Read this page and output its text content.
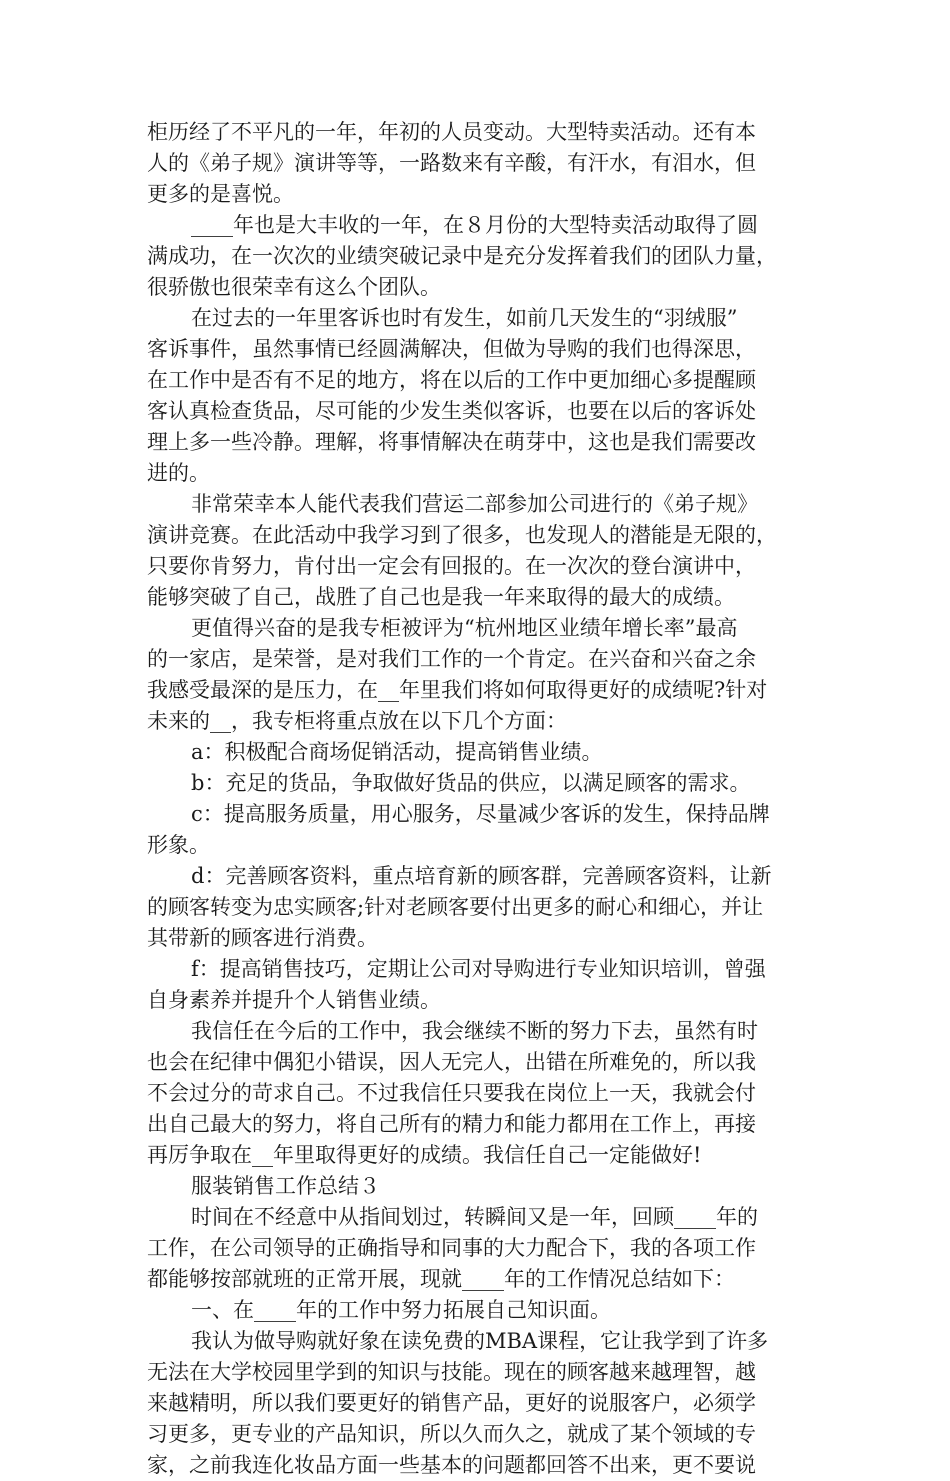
柜历经了不平凡的一年，年初的人员变动。大型特卖活动。还有本
人的《弟子规》演讲等等，一路数来有辛酸，有汗水，有泪水，但
更多的是喜悦。
____年也是大丰收的一年，在８月份的大型特卖活动取得了圆
满成功，在一次次的业绩突破记录中是充分发挥着我们的团队力量，
很骄傲也很荣幸有这么个团队。
在过去的一年里客诉也时有发生，如前几天发生的“羽绒服”
客诉事件，虽然事情已经圆满解决，但做为导购的我们也得深思，
在工作中是否有不足的地方，将在以后的工作中更加细心多提醒顾
客认真检查货品，尽可能的少发生类似客诉，也要在以后的客诉处
理上多一些冷静。理解，将事情解决在萌芽中，这也是我们需要改
进的。
非常荣幸本人能代表我们营运二部参加公司进行的《弟子规》
演讲竞赛。在此活动中我学习到了很多，也发现人的潜能是无限的，
只要你肯努力，肯付出一定会有回报的。在一次次的登台演讲中，
能够突破了自己，战胜了自己也是我一年来取得的最大的成绩。
更值得兴奋的是我专柜被评为“杭州地区业绩年增长率”最高
的一家店，是荣誉，是对我们工作的一个肯定。在兴奋和兴奋之余
我感受最深的是压力，在__年里我们将如何取得更好的成绩呢?针对
未来的__，我专柜将重点放在以下几个方面：
a：积极配合商场促销活动，提高销售业绩。
b：充足的货品，争取做好货品的供应，以满足顾客的需求。
c：提高服务质量，用心服务，尽量减少客诉的发生，保持品牌
形象。
d：完善顾客资料，重点培育新的顾客群，完善顾客资料，让新
的顾客转变为忠实顾客;针对老顾客要付出更多的耐心和细心，并让
其带新的顾客进行消费。
f：提高销售技巧，定期让公司对导购进行专业知识培训，曾强
自身素养并提升个人销售业绩。
我信任在今后的工作中，我会继续不断的努力下去，虽然有时
也会在纪律中偶犯小错误，因人无完人，出错在所难免的，所以我
不会过分的苛求自己。不过我信任只要我在岗位上一天，我就会付
出自己最大的努力，将自己所有的精力和能力都用在工作上，再接
再厉争取在__年里取得更好的成绩。我信任自己一定能做好!
服装销售工作总结３
时间在不经意中从指间划过，转瞬间又是一年，回顾____年的
工作，在公司领导的正确指导和同事的大力配合下，我的各项工作
都能够按部就班的正常开展，现就____年的工作情况总结如下：
一、在____年的工作中努力拓展自己知识面。
我认为做导购就好象在读免费的MBA课程，它让我学到了许多
无法在大学校园里学到的知识与技能。现在的顾客越来越理智，越
来越精明，所以我们要更好的销售产品，更好的说服客户，必须学
习更多，更专业的产品知识，所以久而久之，就成了某个领域的专
家，之前我连化妆品方面一些基本的问题都回答不出来，更不要说
